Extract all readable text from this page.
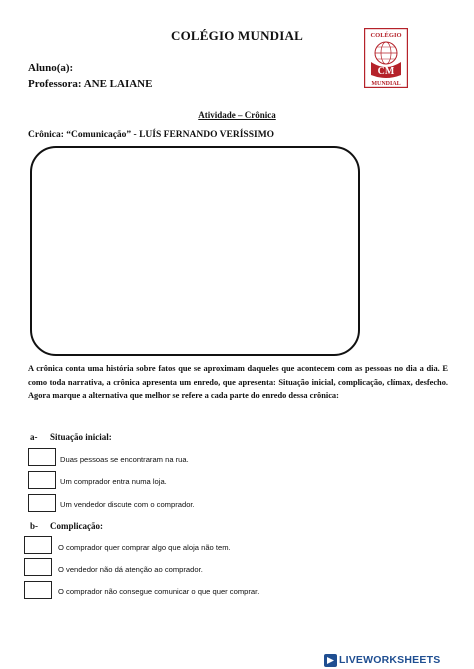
COLÉGIO MUNDIAL
Aluno(a):
Professora: ANE LAIANE
COLÉGIO
CM
MUNDIAL
Atividade – Crônica
Crônica: “Comunicação” - LUÍS FERNANDO VERÍSSIMO
A crônica conta uma história sobre fatos que se aproximam daqueles que acontecem com as pessoas no dia a dia. E como toda narrativa, a crônica apresenta um enredo, que apresenta: Situação inicial, complicação, clímax, desfecho. Agora marque a alternativa que melhor se refere a cada parte do enredo dessa crônica:
a- Situação inicial:
Duas pessoas se encontraram na rua.
Um comprador entra numa loja.
Um vendedor discute com o comprador.
b- Complicação:
O comprador quer comprar algo que aloja não tem.
O vendedor não dá atenção ao comprador.
O comprador não consegue comunicar o que quer comprar.
LIVEWORKSHEETS
